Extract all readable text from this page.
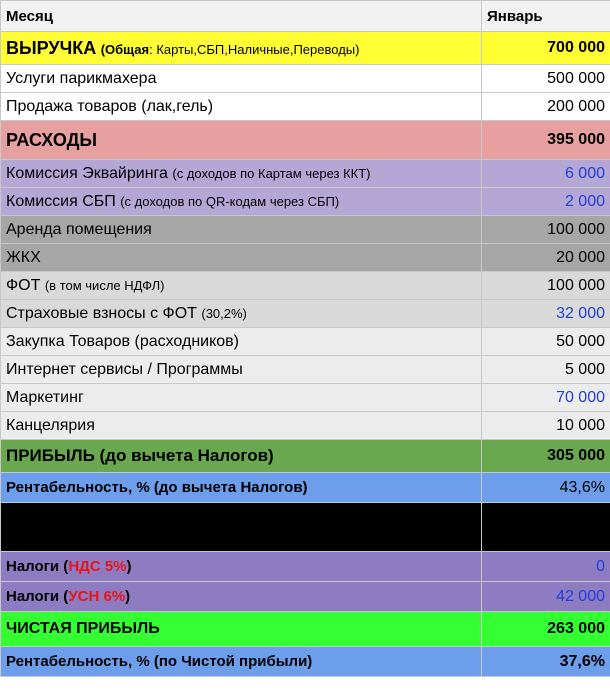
Месяц	Январь
ВЫРУЧКА (Общая: Карты,СБП,Наличные,Переводы)	700 000
Услуги парикмахера	500 000
Продажа товаров (лак,гель)	200 000
РАСХОДЫ	395 000
Комиссия Эквайринга (с доходов по Картам через ККТ)	6 000
Комиссия СБП (с доходов по QR-кодам через СБП)	2 000
Аренда помещения	100 000
ЖКХ	20 000
ФОТ (в том числе НДФЛ)	100 000
Страховые взносы с ФОТ (30,2%)	32 000
Закупка Товаров (расходников)	50 000
Интернет сервисы / Программы	5 000
Маркетинг	70 000
Канцелярия	10 000
ПРИБЫЛЬ (до вычета Налогов)	305 000
Рентабельность, % (до вычета Налогов)	43,6%

Налоги (НДС 5%)	0
Налоги (УСН 6%)	42 000
ЧИСТАЯ ПРИБЫЛЬ	263 000
Рентабельность, % (по Чистой прибыли)	37,6%
